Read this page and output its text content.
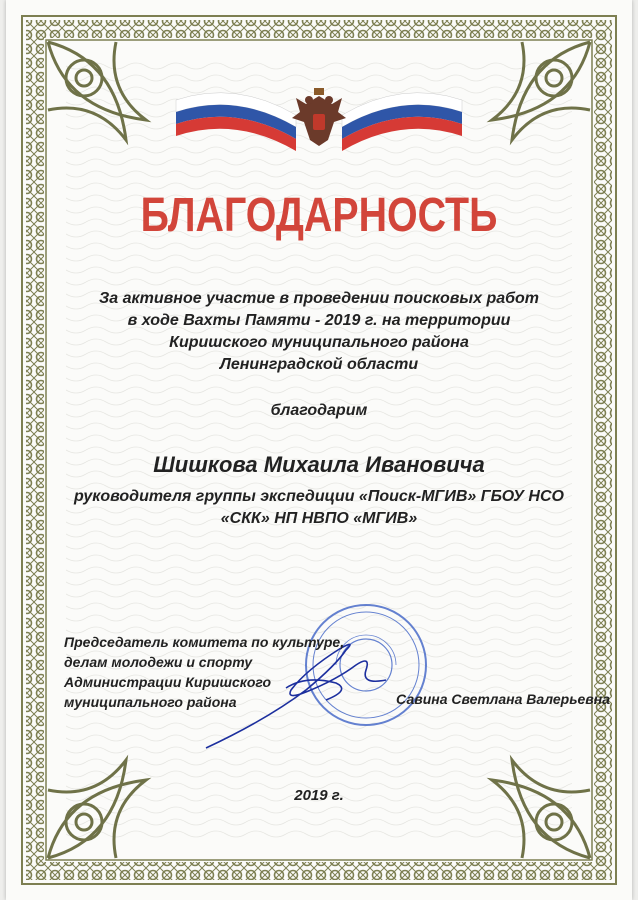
БЛАГОДАРНОСТЬ
За активное участие в проведении поисковых работ
в ходе Вахты Памяти - 2019 г. на территории
Киришского муниципального района
Ленинградской области
благодарим
Шишкова Михаила Ивановича
руководителя группы экспедиции «Поиск-МГИВ» ГБОУ НСО
«СКК» НП НВПО «МГИВ»
Председатель комитета по культуре,
делам молодежи и спорту
Администрации Киришского
муниципального района	Савина Светлана Валерьевна
2019 г.
